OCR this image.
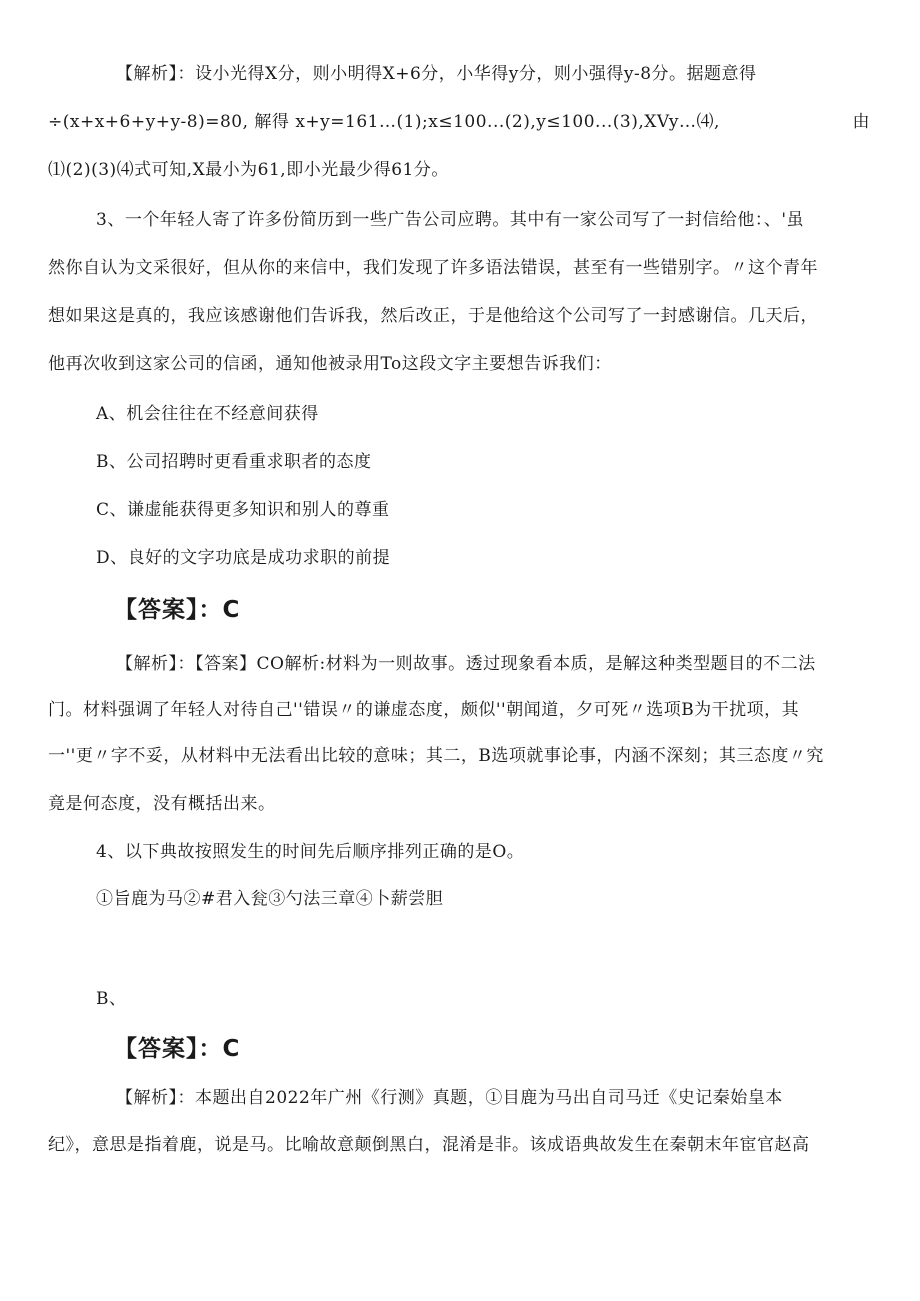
【解析】：设小光得X分，则小明得X+6分，小华得y分，则小强得y-8分。据题意得
÷(x+x+6+y+y-8)=80, 解得 x+y=161…(1);x≤100...(2),y≤100...(3),XVy…⑷,	由
⑴(2)(3)⑷式可知,X最小为61,即小光最少得61分。
3、一个年轻人寄了许多份简历到一些广告公司应聘。其中有一家公司写了一封信给他：、'虽
然你自认为文采很好，但从你的来信中，我们发现了许多语法错误，甚至有一些错别字。〃这个青年
想如果这是真的，我应该感谢他们告诉我，然后改正，于是他给这个公司写了一封感谢信。几天后，
他再次收到这家公司的信函，通知他被录用To这段文字主要想告诉我们：
A、机会往往在不经意间获得
B、公司招聘时更看重求职者的态度
C、谦虚能获得更多知识和别人的尊重
D、良好的文字功底是成功求职的前提
【答案】：C
【解析】：【答案】CO解析:材料为一则故事。透过现象看本质，是解这种类型题目的不二法
门。材料强调了年轻人对待自己''错误〃的谦虚态度，颇似''朝闻道，夕可死〃选项B为干扰项，其
一''更〃字不妥，从材料中无法看出比较的意味；其二，B选项就事论事，内涵不深刻；其三态度〃究
竟是何态度，没有概括出来。
4、以下典故按照发生的时间先后顺序排列正确的是O。
①旨鹿为马②#君入瓮③勺法三章④卜薪尝胆
B、
【答案】：C
【解析】：本题出自2022年广州《行测》真题，①目鹿为马出自司马迁《史记秦始皇本
纪》，意思是指着鹿，说是马。比喻故意颠倒黑白，混淆是非。该成语典故发生在秦朝末年宦官赵高
